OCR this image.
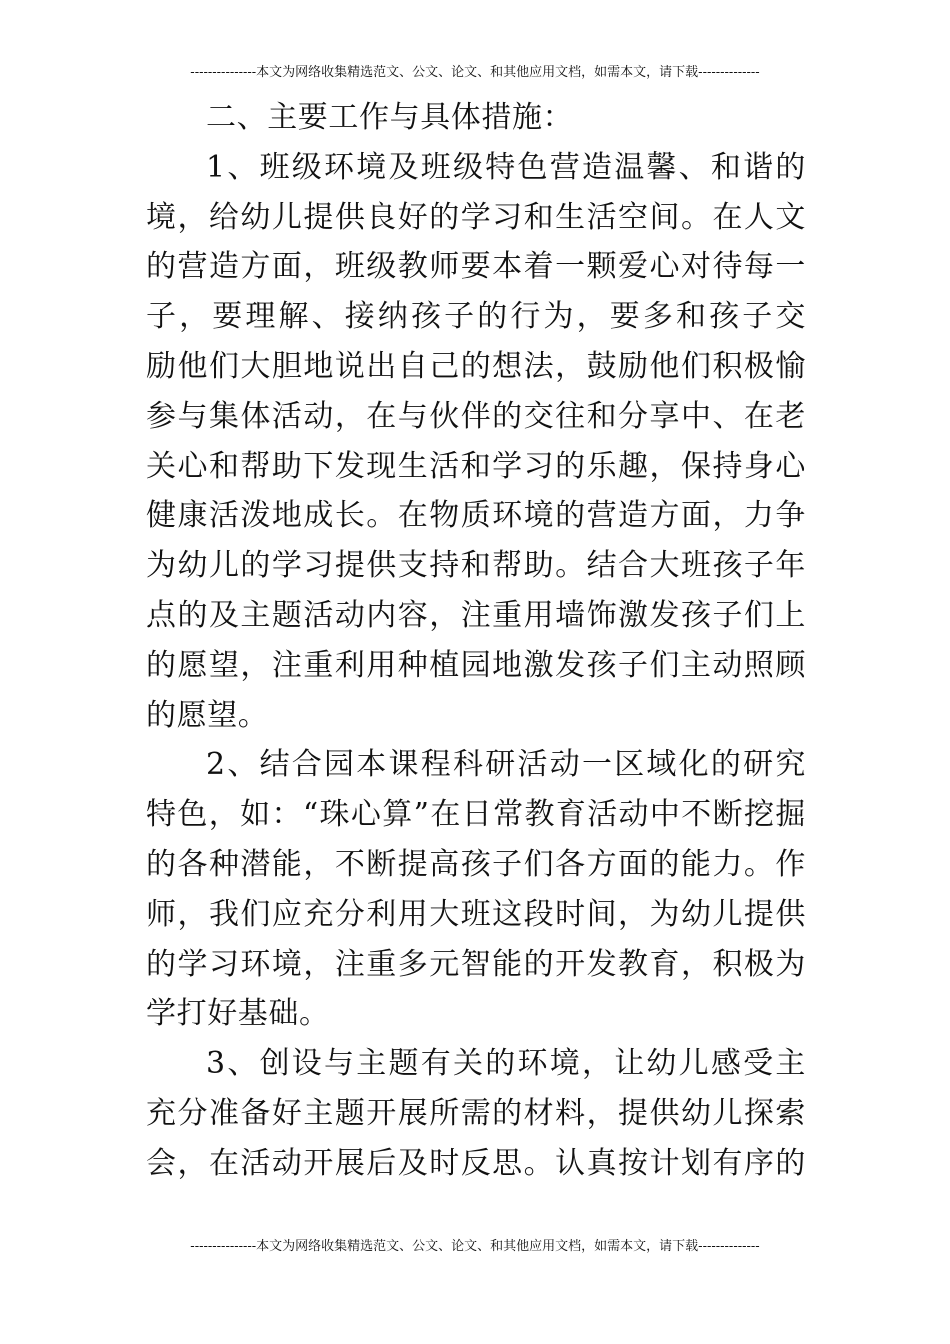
---------------本文为网络收集精选范文、公文、论文、和其他应用文档，如需本文，请下载--------------
二、主要工作与具体措施：
1、班级环境及班级特色营造温馨、和谐的
境，给幼儿提供良好的学习和生活空间。在人文
的营造方面，班级教师要本着一颗爱心对待每一
子，要理解、接纳孩子的行为，要多和孩子交
励他们大胆地说出自己的想法，鼓励他们积极愉
参与集体活动，在与伙伴的交往和分享中、在老
关心和帮助下发现生活和学习的乐趣，保持身心
健康活泼地成长。在物质环境的营造方面，力争
为幼儿的学习提供支持和帮助。结合大班孩子年
点的及主题活动内容，注重用墙饰激发孩子们上
的愿望，注重利用种植园地激发孩子们主动照顾
的愿望。
2、结合园本课程科研活动一区域化的研究
特色，如：“珠心算”在日常教育活动中不断挖掘
的各种潜能，不断提高孩子们各方面的能力。作
师，我们应充分利用大班这段时间，为幼儿提供
的学习环境，注重多元智能的开发教育，积极为
学打好基础。
3、创设与主题有关的环境，让幼儿感受主
充分准备好主题开展所需的材料，提供幼儿探索
会，在活动开展后及时反思。认真按计划有序的
---------------本文为网络收集精选范文、公文、论文、和其他应用文档，如需本文，请下载--------------
